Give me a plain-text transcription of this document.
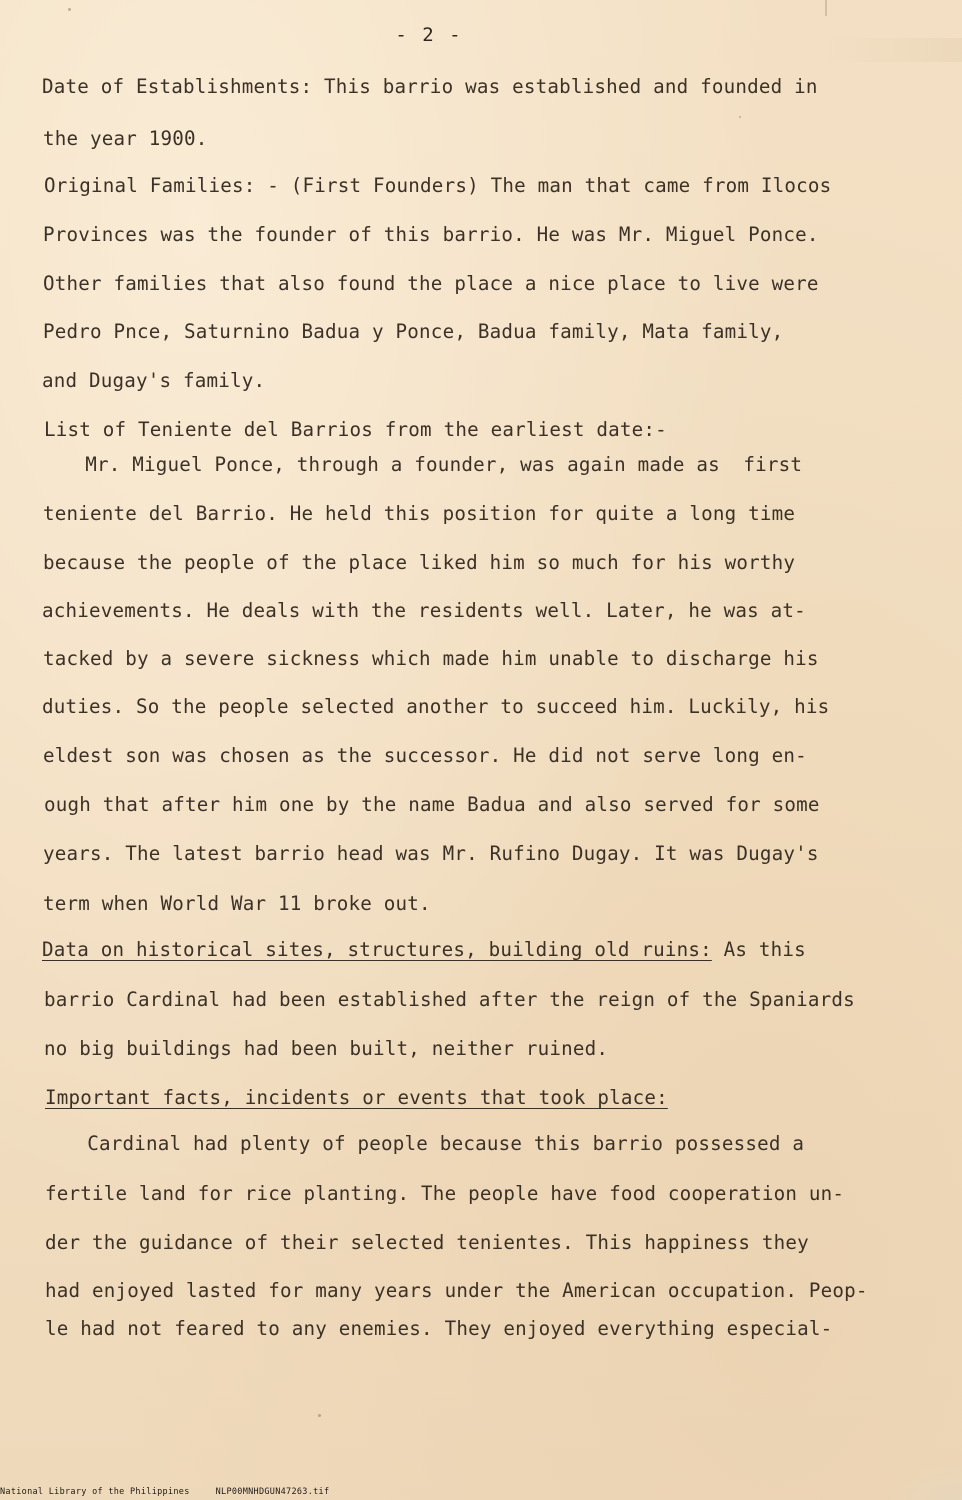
- 2 -
Date of Establishments: This barrio was established and founded in
the year 1900.
Original Families: - (First Founders) The man that came from Ilocos
Provinces was the founder of this barrio. He was Mr. Miguel Ponce.
Other families that also found the place a nice place to live were
Pedro Pnce, Saturnino Badua y Ponce, Badua family, Mata family,
and Dugay's family.
List of Teniente del Barrios from the earliest date:-
Mr. Miguel Ponce, through a founder, was again made as  first
teniente del Barrio. He held this position for quite a long time
because the people of the place liked him so much for his worthy
achievements. He deals with the residents well. Later, he was at-
tacked by a severe sickness which made him unable to discharge his
duties. So the people selected another to succeed him. Luckily, his
eldest son was chosen as the successor. He did not serve long en-
ough that after him one by the name Badua and also served for some
years. The latest barrio head was Mr. Rufino Dugay. It was Dugay's
term when World War 11 broke out.
Data on historical sites, structures, building old ruins: As this
barrio Cardinal had been established after the reign of the Spaniards
no big buildings had been built, neither ruined.
Important facts, incidents or events that took place:
Cardinal had plenty of people because this barrio possessed a
fertile land for rice planting. The people have food cooperation un-
der the guidance of their selected tenientes. This happiness they
had enjoyed lasted for many years under the American occupation. Peop-
le had not feared to any enemies. They enjoyed everything especial-
National Library of the Philippines	NLP00MNHDGUN47263.tif
